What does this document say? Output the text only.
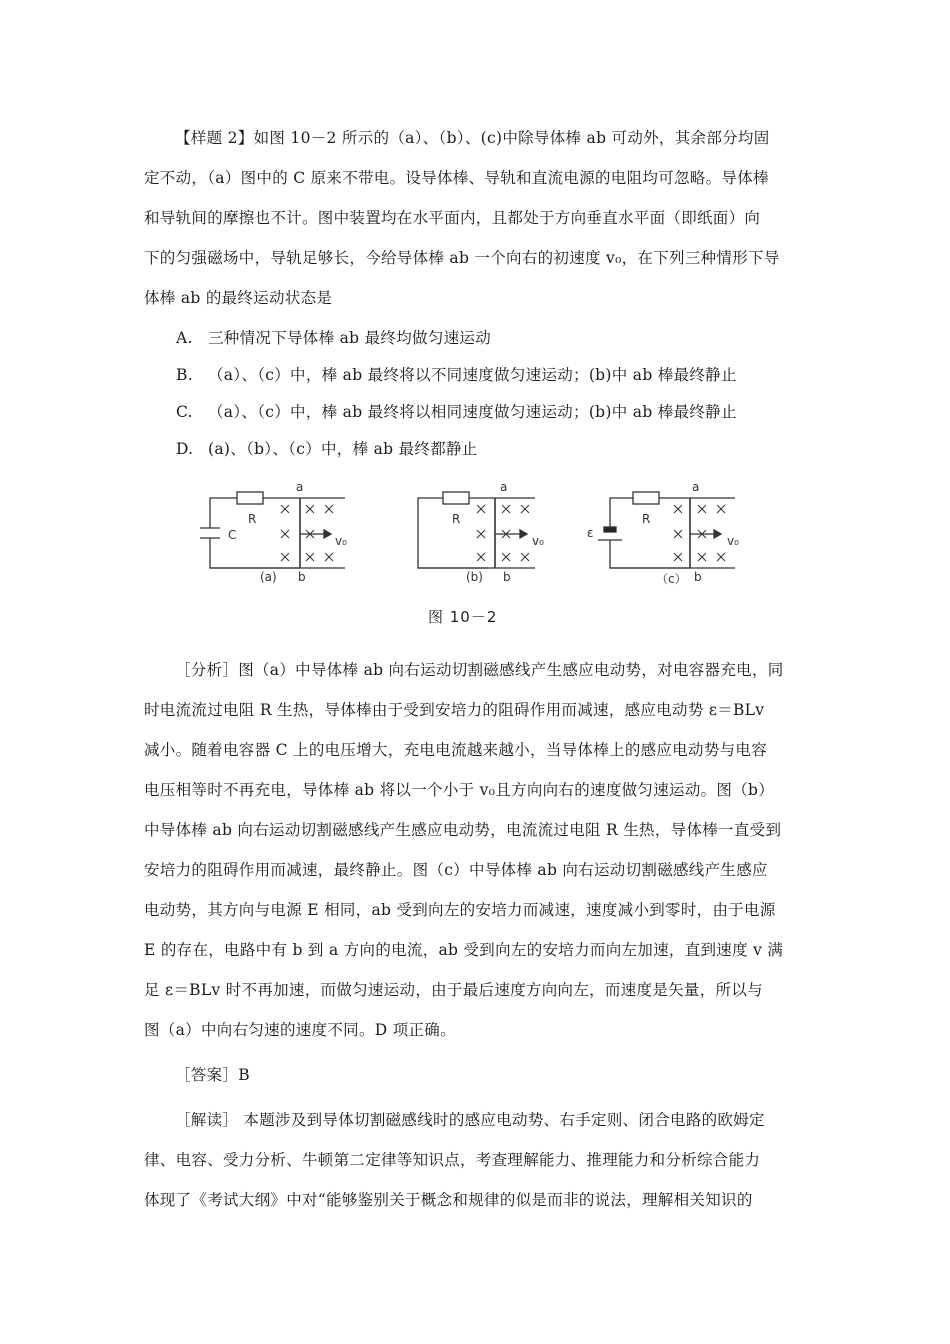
【样题 2】如图 10－2 所示的（a）、（b）、(c)中除导体棒 ab 可动外，其余部分均固

定不动，（a）图中的 C 原来不带电。设导体棒、导轨和直流电源的电阻均可忽略。导体棒

和导轨间的摩擦也不计。图中装置均在水平面内，且都处于方向垂直水平面（即纸面）向

下的匀强磁场中，导轨足够长，今给导体棒 ab 一个向右的初速度 v₀，在下列三种情形下导

体棒 ab 的最终运动状态是

A. 三种情况下导体棒 ab 最终均做匀速运动

B. （a）、（c）中，棒 ab 最终将以不同速度做匀速运动；(b)中 ab 棒最终静止

C. （a）、（c）中，棒 ab 最终将以相同速度做匀速运动；(b)中 ab 棒最终静止

D. (a)、（b）、（c）中，棒 ab 最终都静止

C
R
a
b
v₀
(a)
R
a
b
v₀
(b)
ε
R
a
b
v₀
（c）
图 10－2

［分析］图（a）中导体棒 ab 向右运动切割磁感线产生感应电动势，对电容器充电，同

时电流流过电阻 R 生热，导体棒由于受到安培力的阻碍作用而减速，感应电动势 ε＝BLv

减小。随着电容器 C 上的电压增大，充电电流越来越小，当导体棒上的感应电动势与电容

电压相等时不再充电，导体棒 ab 将以一个小于 v₀且方向向右的速度做匀速运动。图（b）

中导体棒 ab 向右运动切割磁感线产生感应电动势，电流流过电阻 R 生热，导体棒一直受到

安培力的阻碍作用而减速，最终静止。图（c）中导体棒 ab 向右运动切割磁感线产生感应

电动势，其方向与电源 E 相同，ab 受到向左的安培力而减速，速度减小到零时，由于电源

E 的存在，电路中有 b 到 a 方向的电流，ab 受到向左的安培力而向左加速，直到速度 v 满

足 ε＝BLv 时不再加速，而做匀速运动，由于最后速度方向向左，而速度是矢量，所以与

图（a）中向右匀速的速度不同。D 项正确。

［答案］B

［解读］ 本题涉及到导体切割磁感线时的感应电动势、右手定则、闭合电路的欧姆定

律、电容、受力分析、牛顿第二定律等知识点，考查理解能力、推理能力和分析综合能力

体现了《考试大纲》中对“能够鉴别关于概念和规律的似是而非的说法，理解相关知识的
